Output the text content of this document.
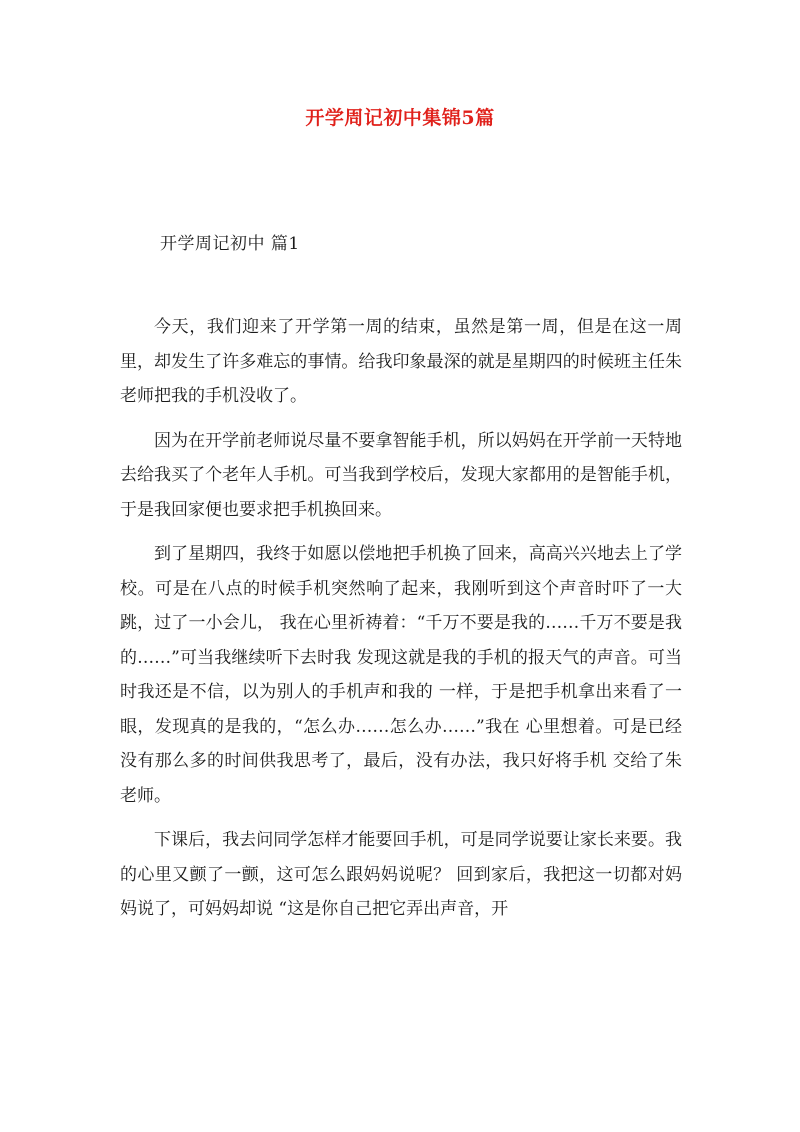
开学周记初中集锦5篇
开学周记初中 篇1

今天，我们迎来了开学第一周的结束，虽然是第一周，但是在这一周里，却发生了许多难忘的事情。给我印象最深的就是星期四的时候班主任朱老师把我的手机没收了。

因为在开学前老师说尽量不要拿智能手机，所以妈妈在开学前一天特地去给我买了个老年人手机。可当我到学校后，发现大家都用的是智能手机，于是我回家便也要求把手机换回来。

到了星期四，我终于如愿以偿地把手机换了回来，高高兴兴地去上了学校。可是在八点的时候手机突然响了起来，我刚听到这个声音时吓了一大跳，过了一小会儿， 我在心里祈祷着：“千万不要是我的……千万不要是我的……”可当我继续听下去时我 发现这就是我的手机的报天气的声音。可当时我还是不信，以为别人的手机声和我的 一样，于是把手机拿出来看了一眼，发现真的是我的，“怎么办……怎么办……”我在 心里想着。可是已经没有那么多的时间供我思考了，最后，没有办法，我只好将手机 交给了朱老师。

下课后，我去问同学怎样才能要回手机，可是同学说要让家长来要。我的心里又颤了一颤，这可怎么跟妈妈说呢？ 回到家后，我把这一切都对妈妈说了，可妈妈却说 “这是你自己把它弄出声音，开
